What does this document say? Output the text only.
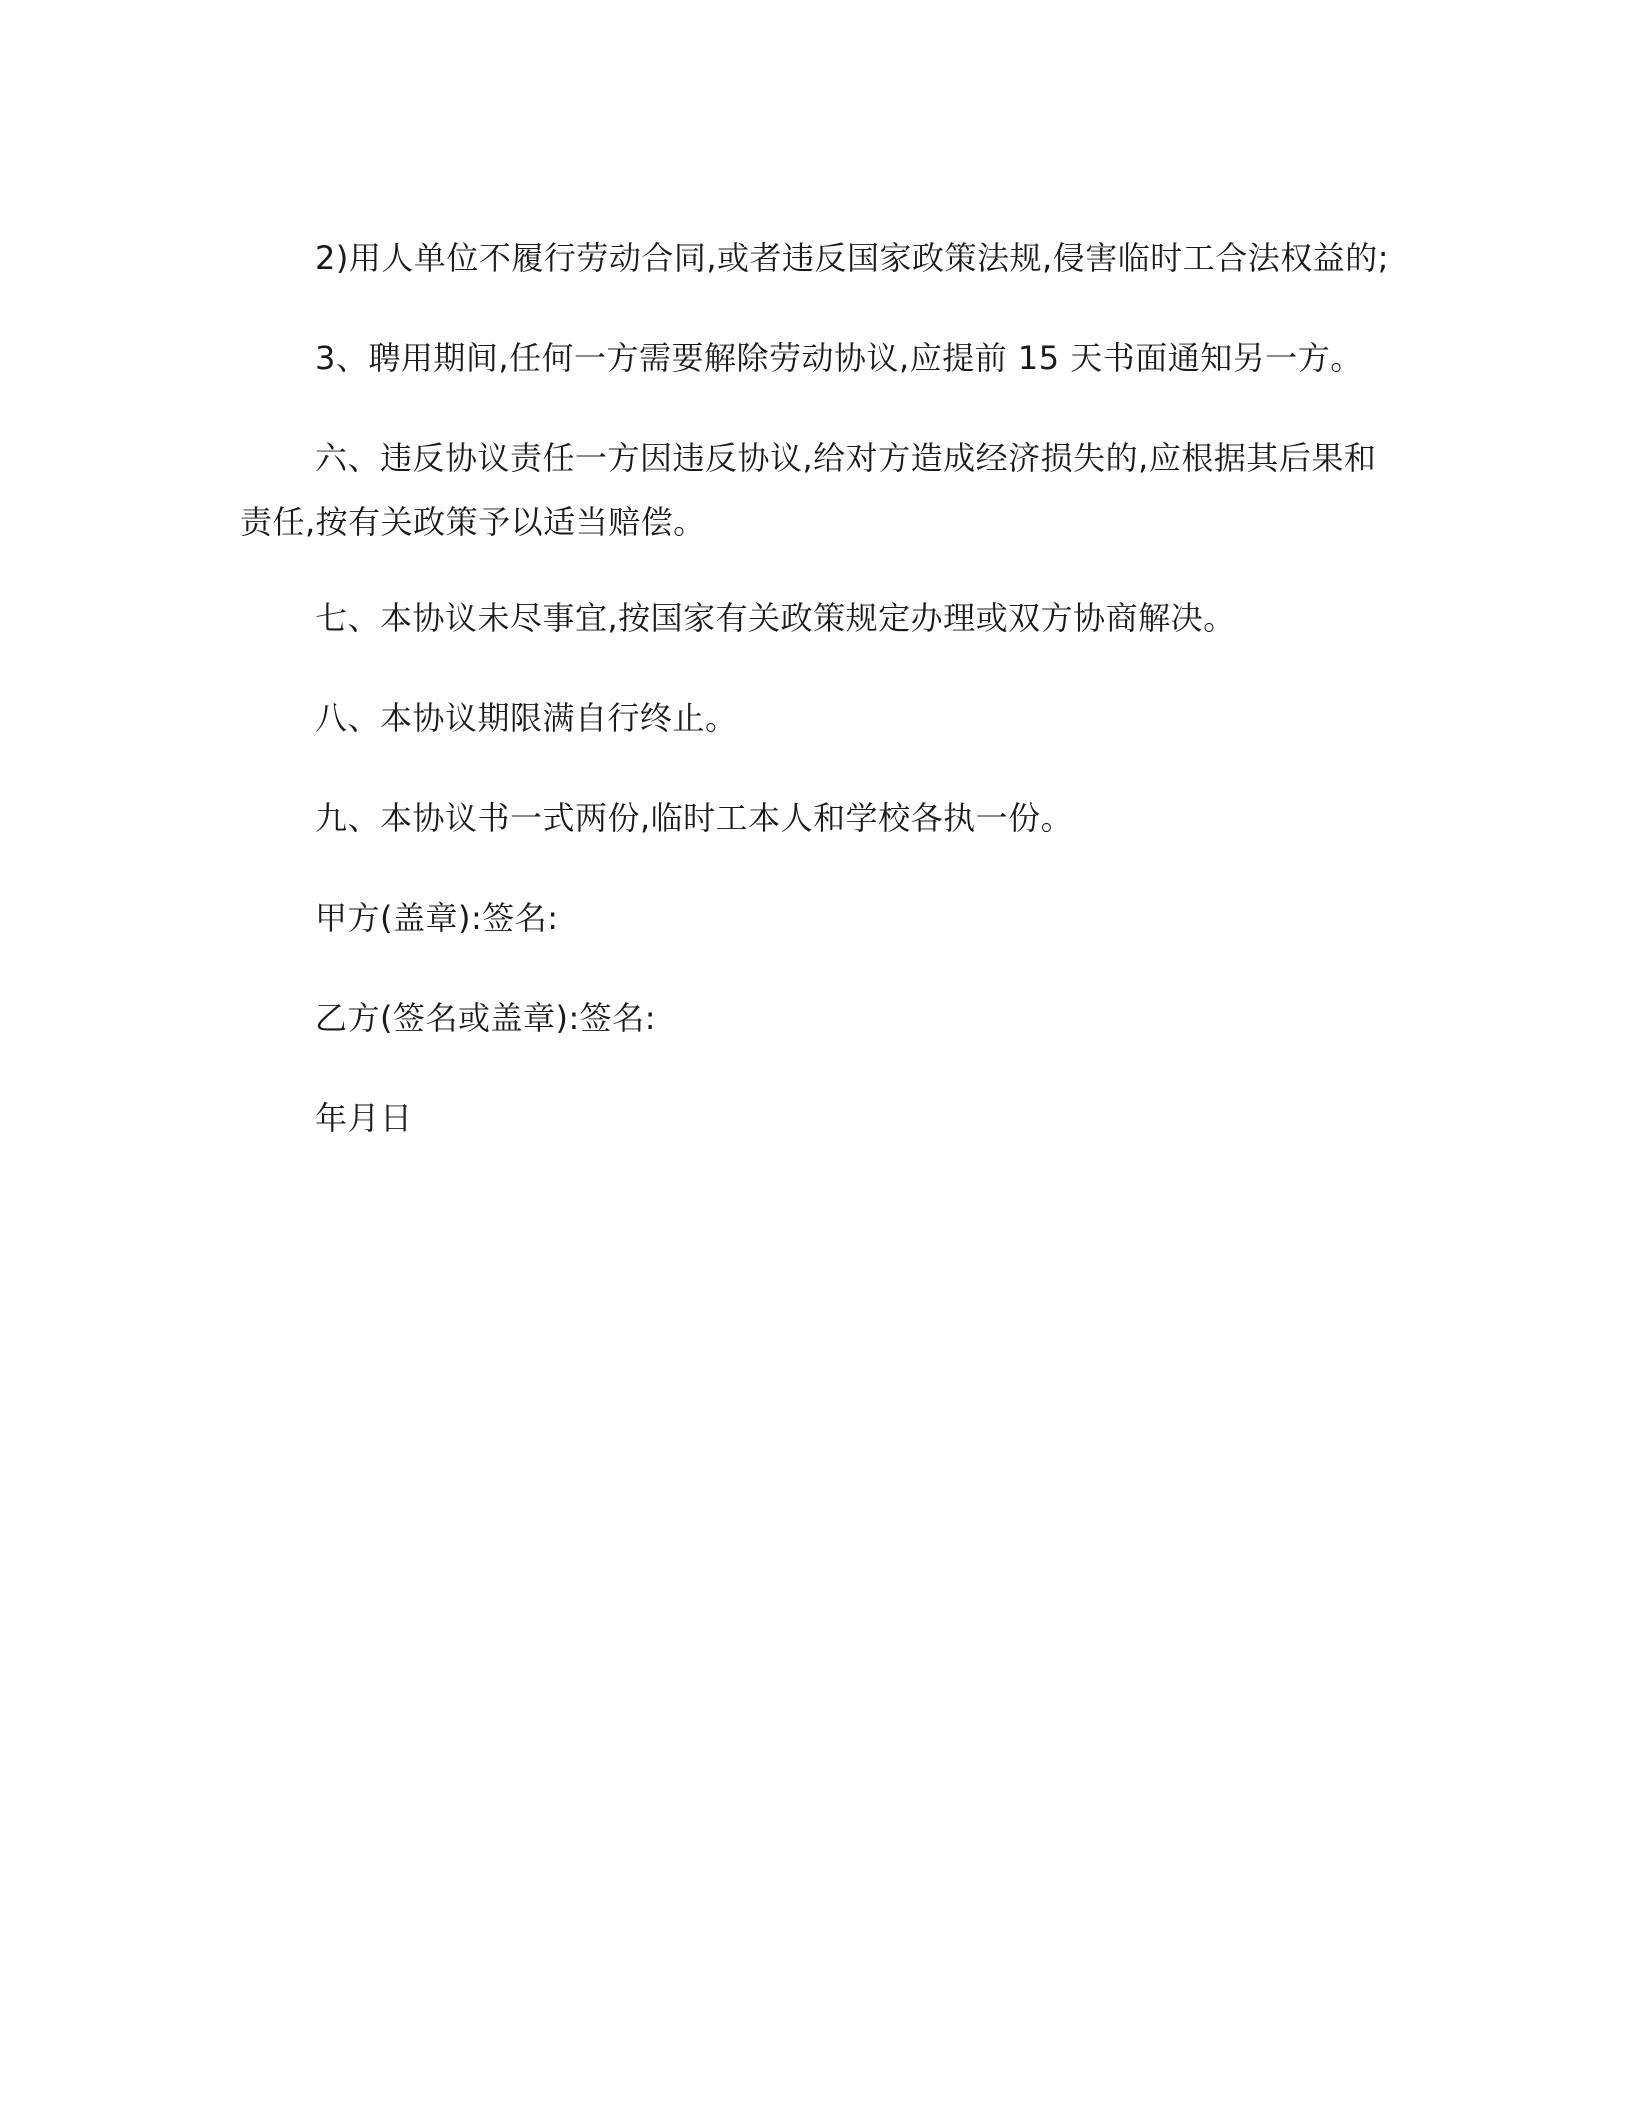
2)用人单位不履行劳动合同,或者违反国家政策法规,侵害临时工合法权益的;

3、聘用期间,任何一方需要解除劳动协议,应提前 15 天书面通知另一方。

六、违反协议责任一方因违反协议,给对方造成经济损失的,应根据其后果和责任,按有关政策予以适当赔偿。

七、本协议未尽事宜,按国家有关政策规定办理或双方协商解决。

八、本协议期限满自行终止。

九、本协议书一式两份,临时工本人和学校各执一份。

甲方(盖章):签名:

乙方(签名或盖章):签名:

年月日
